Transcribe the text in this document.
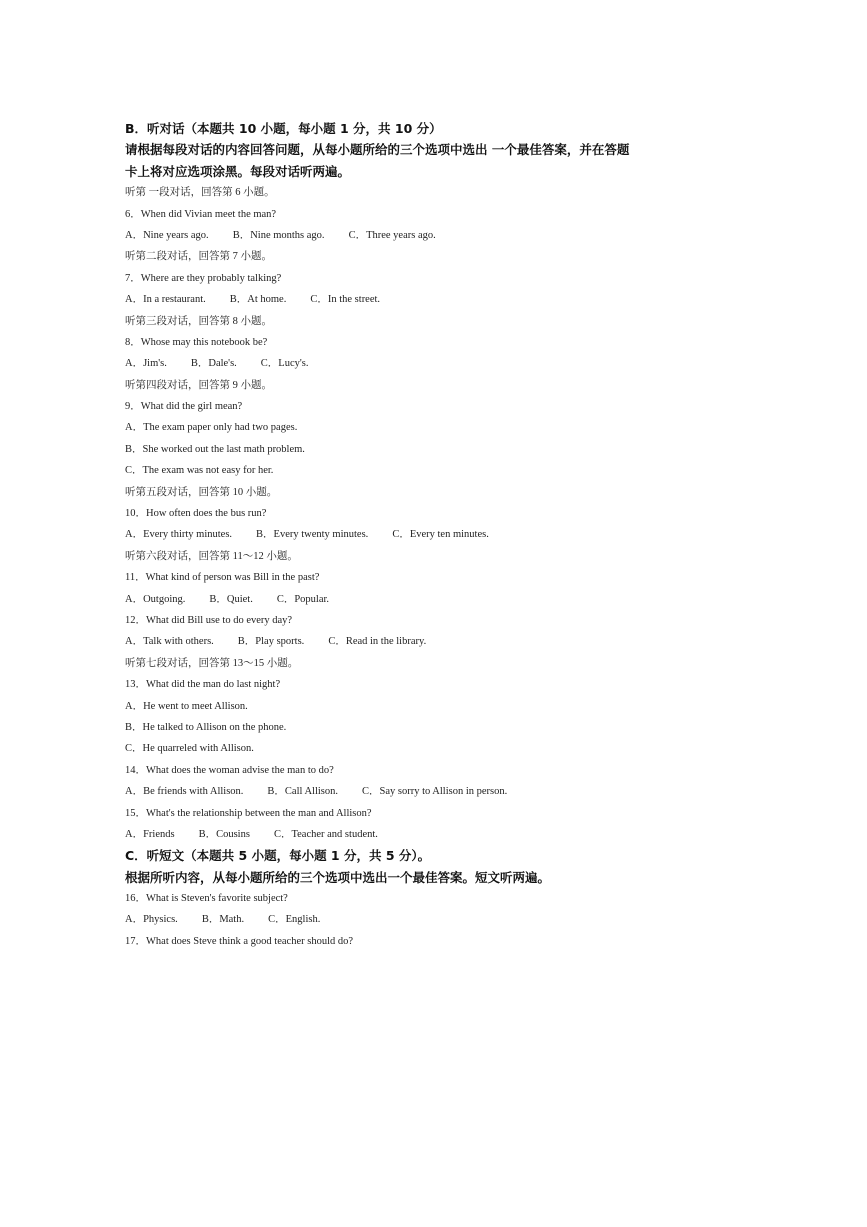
B．听对话（本题共 10 小题，每小题 1 分，共 10 分）
请根据每段对话的内容回答问题，从每小题所给的三个选项中选出 一个最佳答案，并在答题
卡上将对应选项涂黑。每段对话听两遍。
听第 一段对话，回答第 6 小题。
6．When did Vivian meet the man?
A．Nine years ago. B．Nine months ago. C．Three years ago.
听第二段对话，回答第 7 小题。
7．Where are they probably talking?
A．In a restaurant. B．At home. C．In the street.
听第三段对话，回答第 8 小题。
8．Whose may this notebook be?
A．Jim's. B．Dale's. C．Lucy's.
听第四段对话，回答第 9 小题。
9．What did the girl mean?
A．The exam paper only had two pages.
B．She worked out the last math problem.
C．The exam was not easy for her.
听第五段对话，回答第 10 小题。
10．How often does the bus run?
A．Every thirty minutes. B．Every twenty minutes. C．Every ten minutes.
听第六段对话，回答第 11～12 小题。
11．What kind of person was Bill in the past?
A．Outgoing. B．Quiet. C．Popular.
12．What did Bill use to do every day?
A．Talk with others. B．Play sports. C．Read in the library.
听第七段对话，回答第 13～15 小题。
13．What did the man do last night?
A．He went to meet Allison.
B．He talked to Allison on the phone.
C．He quarreled with Allison.
14．What does the woman advise the man to do?
A．Be friends with Allison. B．Call Allison. C．Say sorry to Allison in person.
15．What's the relationship between the man and Allison?
A．Friends B．Cousins C．Teacher and student.
C．听短文（本题共 5 小题，每小题 1 分，共 5 分）。
根据所听内容，从每小题所给的三个选项中选出一个最佳答案。短文听两遍。
16．What is Steven's favorite subject?
A．Physics. B．Math. C．English.
17．What does Steve think a good teacher should do?
